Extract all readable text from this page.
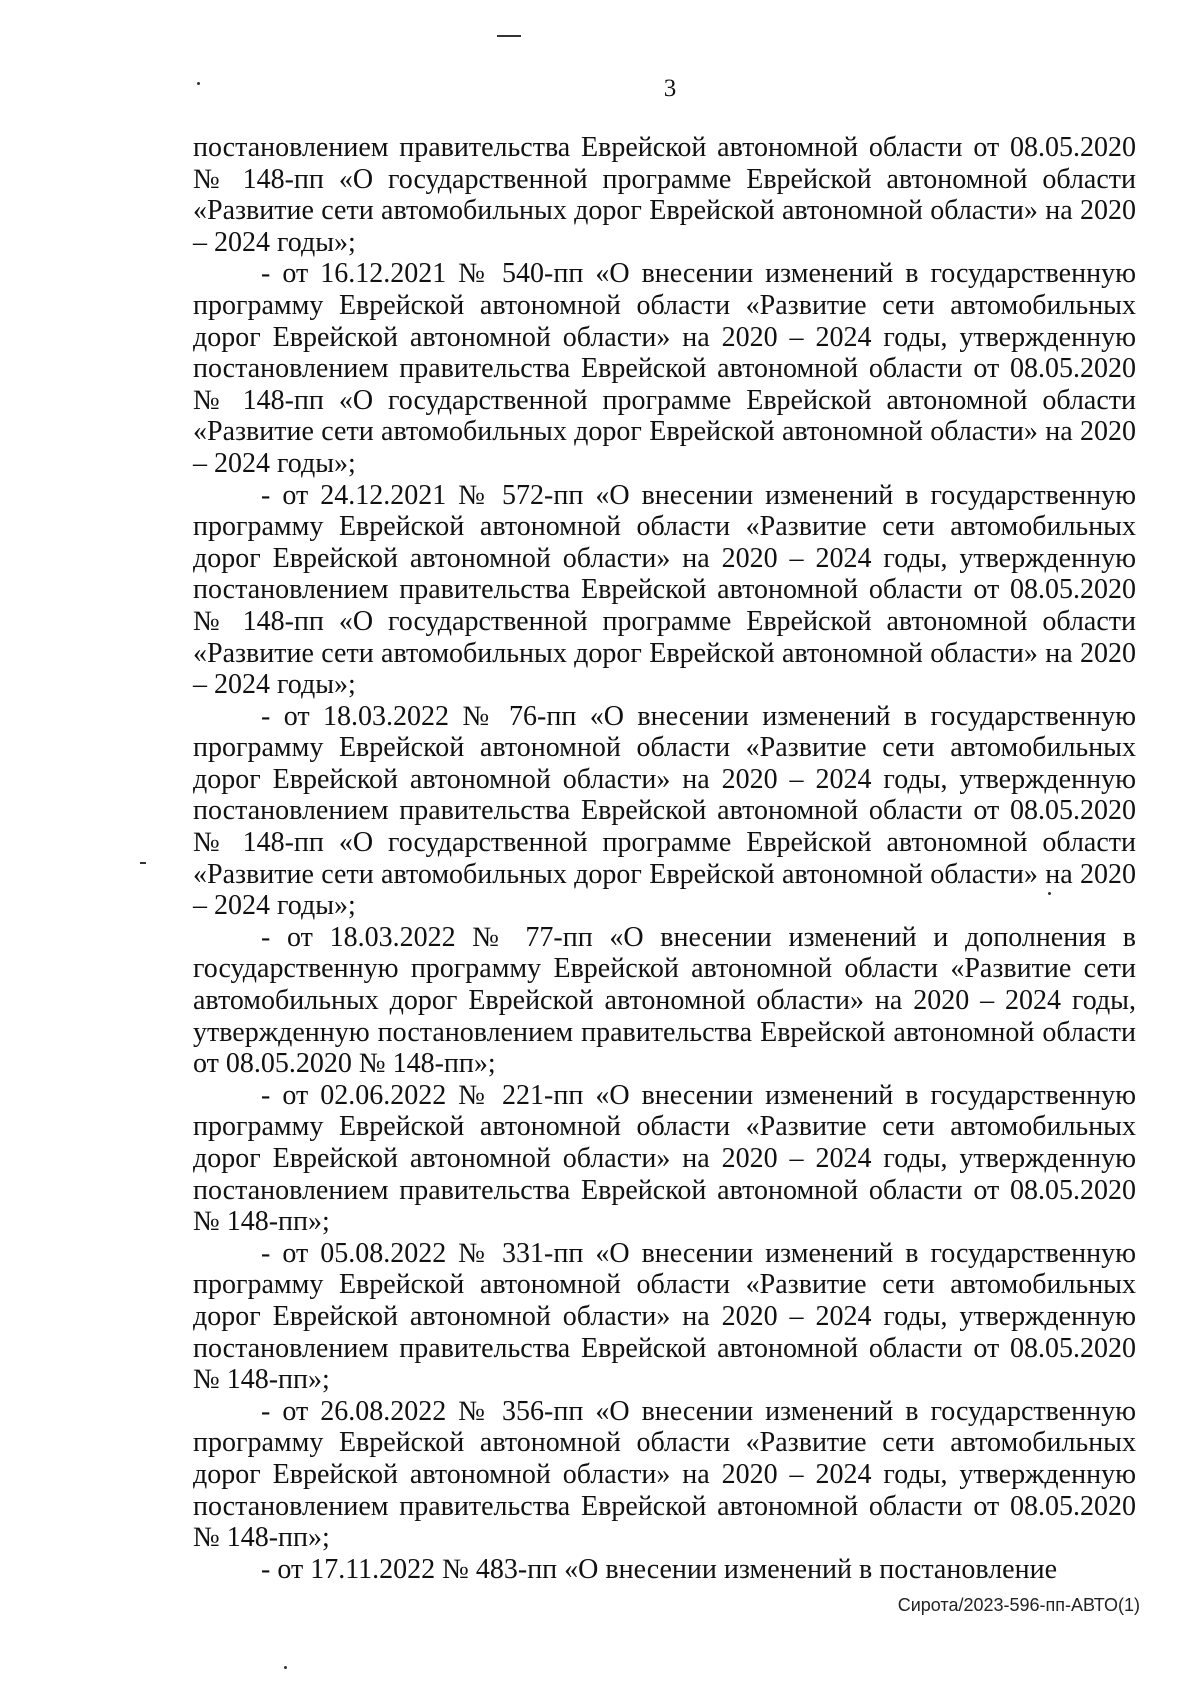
3

постановлением правительства Еврейской автономной области от 08.05.2020 № 148-пп «О государственной программе Еврейской автономной области «Развитие сети автомобильных дорог Еврейской автономной области» на 2020 – 2024 годы»;

- от 16.12.2021 № 540-пп «О внесении изменений в государственную программу Еврейской автономной области «Развитие сети автомобильных дорог Еврейской автономной области» на 2020 – 2024 годы, утвержденную постановлением правительства Еврейской автономной области от 08.05.2020 № 148-пп «О государственной программе Еврейской автономной области «Развитие сети автомобильных дорог Еврейской автономной области» на 2020 – 2024 годы»;

- от 24.12.2021 № 572-пп «О внесении изменений в государственную программу Еврейской автономной области «Развитие сети автомобильных дорог Еврейской автономной области» на 2020 – 2024 годы, утвержденную постановлением правительства Еврейской автономной области от 08.05.2020 № 148-пп «О государственной программе Еврейской автономной области «Развитие сети автомобильных дорог Еврейской автономной области» на 2020 – 2024 годы»;

- от 18.03.2022 № 76-пп «О внесении изменений в государственную программу Еврейской автономной области «Развитие сети автомобильных дорог Еврейской автономной области» на 2020 – 2024 годы, утвержденную постановлением правительства Еврейской автономной области от 08.05.2020 № 148-пп «О государственной программе Еврейской автономной области «Развитие сети автомобильных дорог Еврейской автономной области» на 2020 – 2024 годы»;

- от 18.03.2022 № 77-пп «О внесении изменений и дополнения в государственную программу Еврейской автономной области «Развитие сети автомобильных дорог Еврейской автономной области» на 2020 – 2024 годы, утвержденную постановлением правительства Еврейской автономной области от 08.05.2020 № 148-пп»;

- от 02.06.2022 № 221-пп «О внесении изменений в государственную программу Еврейской автономной области «Развитие сети автомобильных дорог Еврейской автономной области» на 2020 – 2024 годы, утвержденную постановлением правительства Еврейской автономной области от 08.05.2020 № 148-пп»;

- от 05.08.2022 № 331-пп «О внесении изменений в государственную программу Еврейской автономной области «Развитие сети автомобильных дорог Еврейской автономной области» на 2020 – 2024 годы, утвержденную постановлением правительства Еврейской автономной области от 08.05.2020 № 148-пп»;

- от 26.08.2022 № 356-пп «О внесении изменений в государственную программу Еврейской автономной области «Развитие сети автомобильных дорог Еврейской автономной области» на 2020 – 2024 годы, утвержденную постановлением правительства Еврейской автономной области от 08.05.2020 № 148-пп»;

- от 17.11.2022 № 483-пп «О внесении изменений в постановление

Сирота/2023-596-пп-АВТО(1)
